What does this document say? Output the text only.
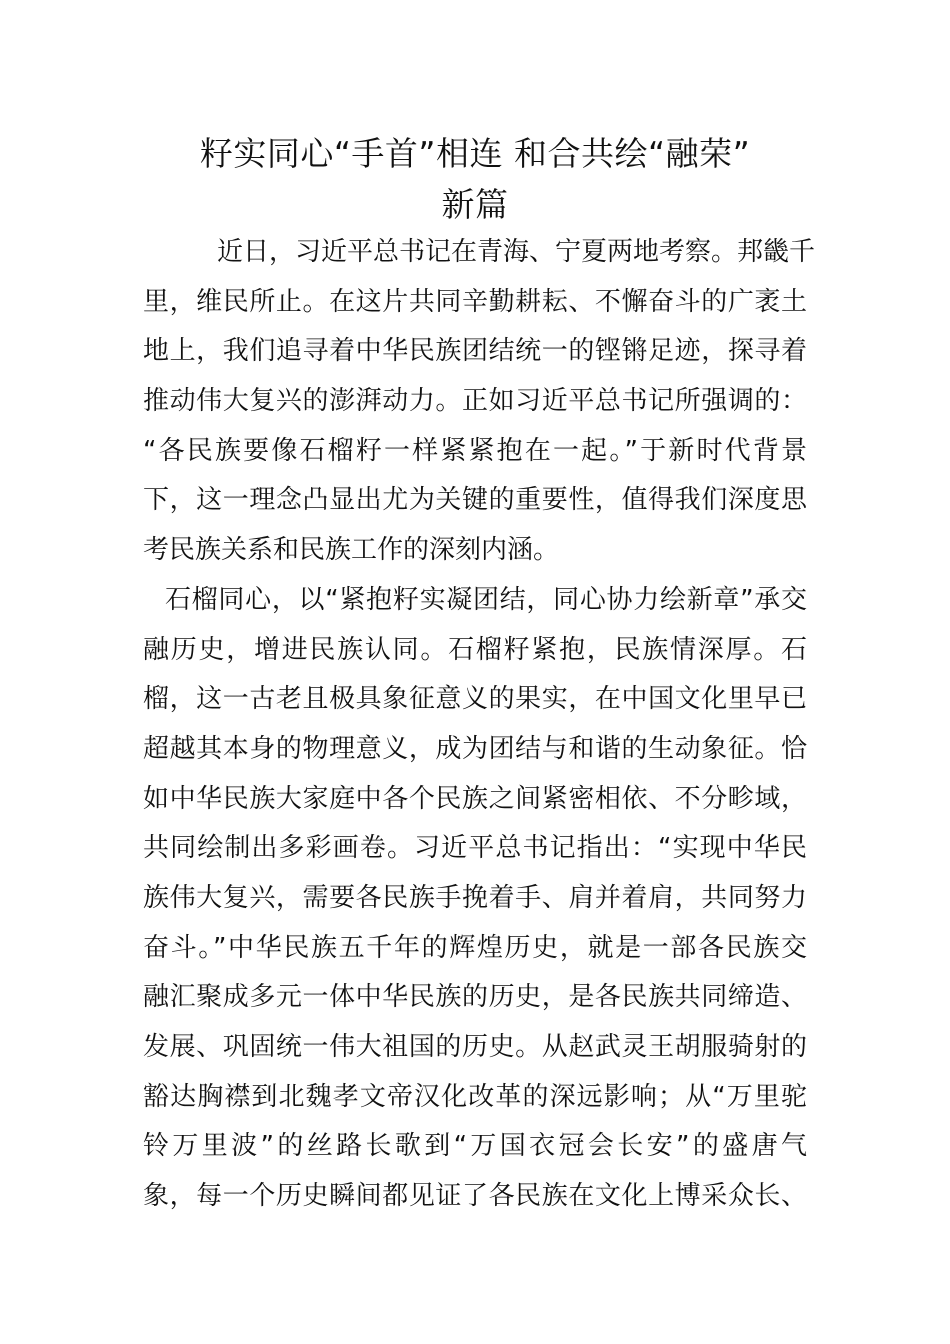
籽实同心“手首”相连 和合共绘“融荣”
新篇
近日，习近平总书记在青海、宁夏两地考察。邦畿千
里，维民所止。在这片共同辛勤耕耘、不懈奋斗的广袤土
地上，我们追寻着中华民族团结统一的铿锵足迹，探寻着
推动伟大复兴的澎湃动力。正如习近平总书记所强调的：
“各民族要像石榴籽一样紧紧抱在一起。”于新时代背景
下，这一理念凸显出尤为关键的重要性，值得我们深度思
考民族关系和民族工作的深刻内涵。
石榴同心，以“紧抱籽实凝团结，同心协力绘新章”承交
融历史，增进民族认同。石榴籽紧抱，民族情深厚。石
榴，这一古老且极具象征意义的果实，在中国文化里早已
超越其本身的物理意义，成为团结与和谐的生动象征。恰
如中华民族大家庭中各个民族之间紧密相依、不分畛域，
共同绘制出多彩画卷。习近平总书记指出：“实现中华民
族伟大复兴，需要各民族手挽着手、肩并着肩，共同努力
奋斗。”中华民族五千年的辉煌历史，就是一部各民族交
融汇聚成多元一体中华民族的历史，是各民族共同缔造、
发展、巩固统一伟大祖国的历史。从赵武灵王胡服骑射的
豁达胸襟到北魏孝文帝汉化改革的深远影响；从“万里驼
铃万里波”的丝路长歌到“万国衣冠会长安”的盛唐气
象，每一个历史瞬间都见证了各民族在文化上博采众长、
